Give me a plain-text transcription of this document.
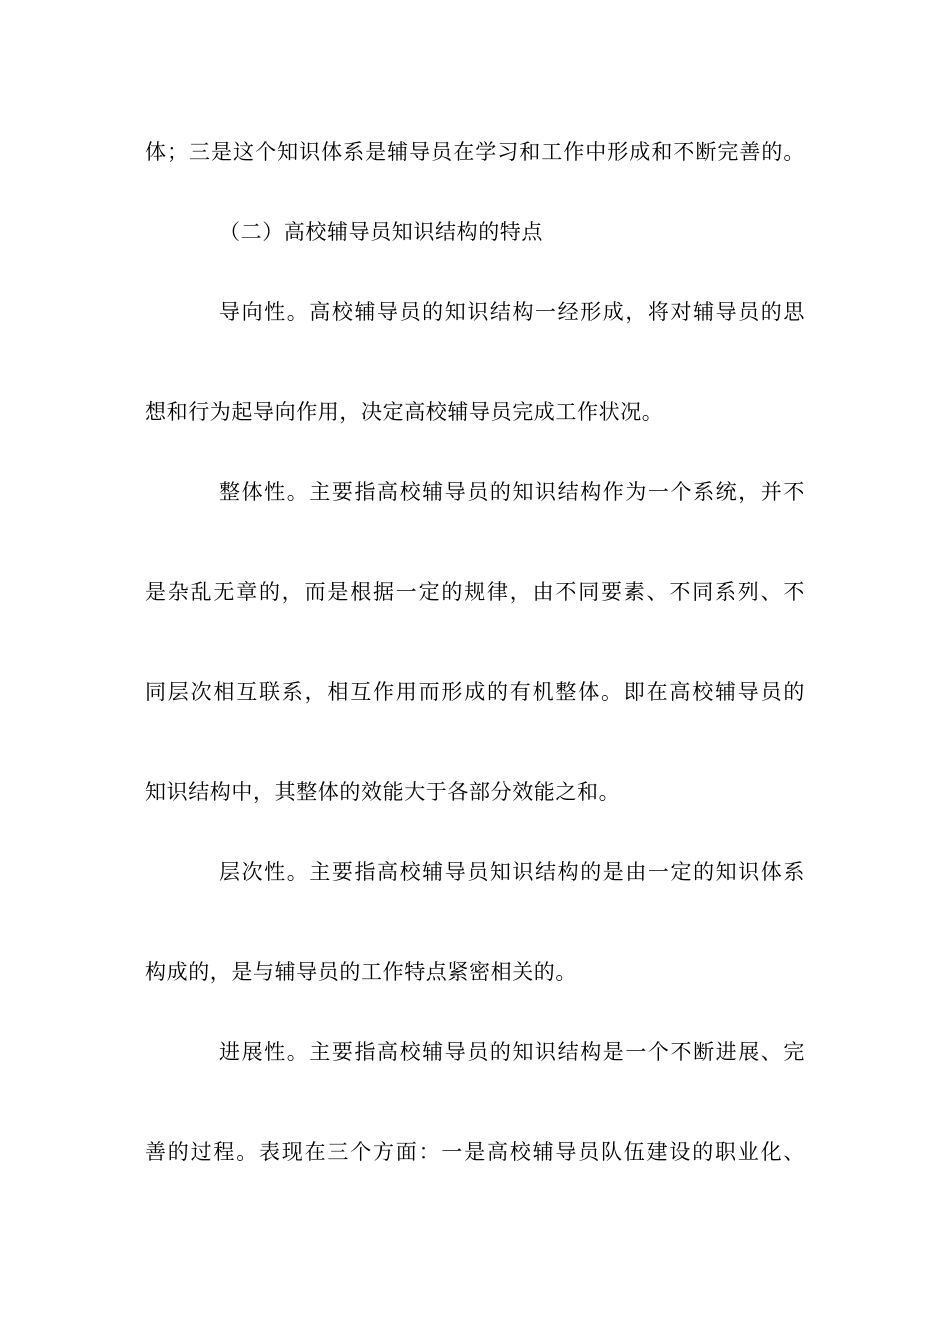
体；三是这个知识体系是辅导员在学习和工作中形成和不断完善的。
（二）高校辅导员知识结构的特点
导向性。高校辅导员的知识结构一经形成，将对辅导员的思
想和行为起导向作用，决定高校辅导员完成工作状况。
整体性。主要指高校辅导员的知识结构作为一个系统，并不
是杂乱无章的，而是根据一定的规律，由不同要素、不同系列、不
同层次相互联系，相互作用而形成的有机整体。即在高校辅导员的
知识结构中，其整体的效能大于各部分效能之和。
层次性。主要指高校辅导员知识结构的是由一定的知识体系
构成的，是与辅导员的工作特点紧密相关的。
进展性。主要指高校辅导员的知识结构是一个不断进展、完
善的过程。表现在三个方面：一是高校辅导员队伍建设的职业化、
